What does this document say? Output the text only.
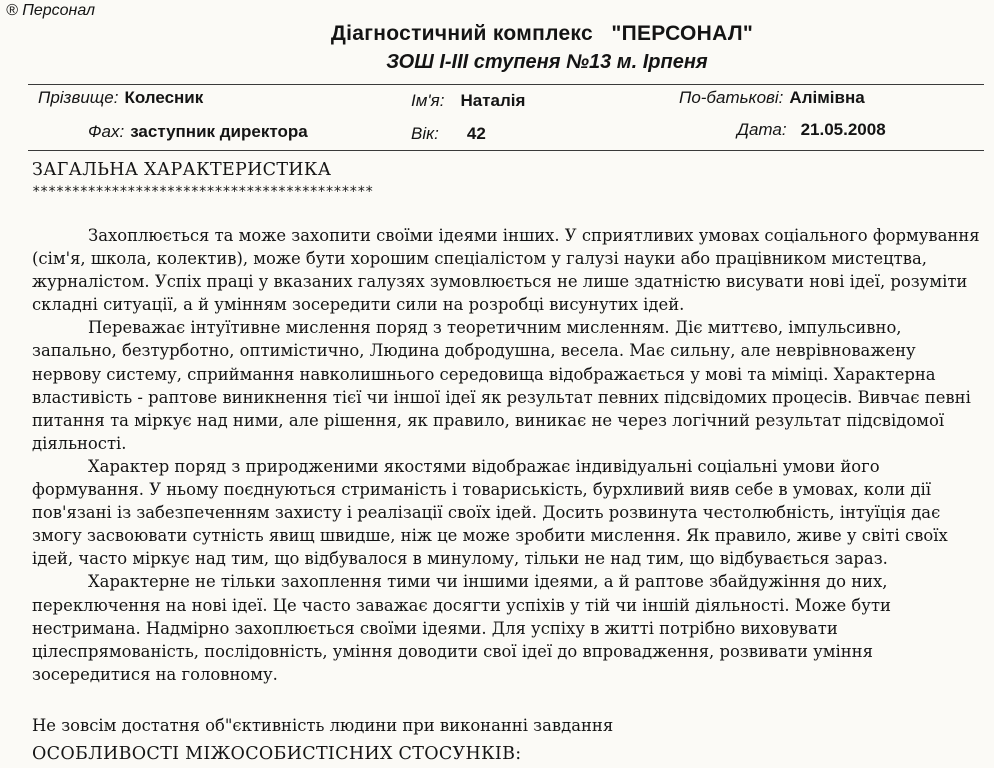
® Персонал
Діагностичний комплекс   "ПЕРСОНАЛ"
ЗОШ І-ІІІ ступеня №13 м. Ірпеня
Прізвище: Колесник	Ім'я: Наталія	По-батькові: Алімівна
Фах: заступник директора	Вік: 42	Дата: 21.05.2008
ЗАГАЛЬНА ХАРАКТЕРИСТИКА
*******************************************

Захоплюється та може захопити своїми ідеями інших. У сприятливих умовах соціального формування (сім'я, школа, колектив), може бути хорошим спеціалістом у галузі науки або працівником мистецтва, журналістом. Успіх праці у вказаних галузях зумовлюється не лише здатністю висувати нові ідеї, розуміти складні ситуації, а й умінням зосередити сили на розробці висунутих ідей.

Переважає інтуїтивне мислення поряд з теоретичним мисленням. Діє миттєво, імпульсивно, запально, безтурботно, оптимістично, Людина добродушна, весела. Має сильну, але неврівноважену нервову систему, сприймання навколишнього середовища відображається у мові та міміці. Характерна властивість - раптове виникнення тієї чи іншої ідеї як результат певних підсвідомих процесів. Вивчає певні питання та міркує над ними, але рішення, як правило, виникає не через логічний результат підсвідомої діяльності.

Характер поряд з природженими якостями відображає індивідуальні соціальні умови його формування. У ньому поєднуються стриманість і товариськість, бурхливий вияв себе в умовах, коли дії пов'язані із забезпеченням захисту і реалізації своїх ідей. Досить розвинута честолюбність, інтуїція дає змогу засвоювати сутність явищ швидше, ніж це може зробити мислення. Як правило, живе у світі своїх ідей, часто міркує над тим, що відбувалося в минулому, тільки не над тим, що відбувається зараз.

Характерне не тільки захоплення тими чи іншими ідеями, а й раптове збайдужіння до них, переключення на нові ідеї. Це часто заважає досягти успіхів у тій чи іншій діяльності. Може бути нестримана. Надмірно захоплюється своїми ідеями. Для успіху в житті потрібно виховувати цілеспрямованість, послідовність, уміння доводити свої ідеї до впровадження, розвивати уміння зосередитися на головному.

Не зовсім достатня об"єктивність людини при виконанні завдання
ОСОБЛИВОСТІ МІЖОСОБИСТІСНИХ СТОСУНКІВ:
